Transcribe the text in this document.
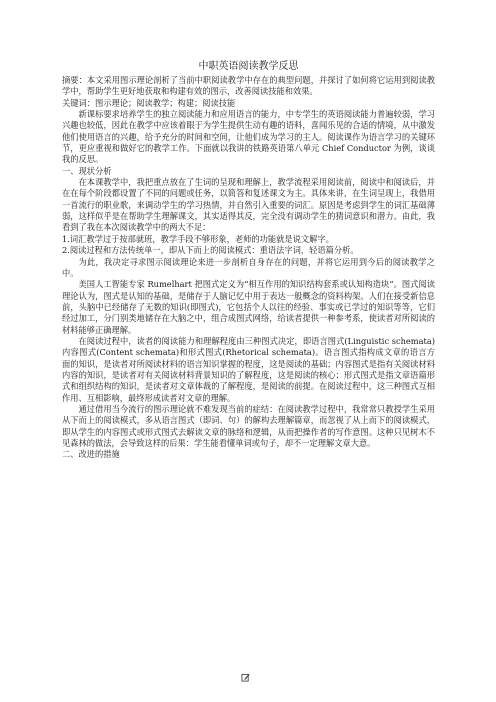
中职英语阅读教学反思

摘要：本文采用图示理论剖析了当前中职阅读教学中存在的典型问题，并探讨了如何将它运用到阅读教学中，帮助学生更好地获取和构建有效的图示，改善阅读技能和效果。

关键词：图示理论；阅读教学；构建；阅读技能

新课标要求培养学生的独立阅读能力和应用语言的能力，中专学生的英语阅读能力普遍较弱，学习兴趣也较低，因此在教学中应该着眼于为学生提供生动有趣的语料，喜闻乐见的合适的情境，从中激发他们使用语言的兴趣，给予充分的时间和空间，让他们成为学习的主人。阅读课作为语言学习的关键环节，更应重视和做好它的教学工作。下面就以我讲的铁路英语第八单元 Chief Conductor 为例，谈谈我的反思。

一、现状分析

在本课教学中，我把重点放在了生词的呈现和理解上，教学流程采用阅读前，阅读中和阅读后，并在在每个阶段都设置了不同的问题或任务，以简答和复述课文为主。具体来讲，在生词呈现上，我借用一首流行的职业歌，来调动学生的学习热情，并自然引入重要的词汇。原因是考虑到学生的词汇基础薄弱，这样似乎是在帮助学生理解课文，其实适得其反，完全没有调动学生的猜词意识和潜力。由此，我看到了我在本次阅读教学中的两大不足：

1.词汇教学过于按部就班，教学手段不够形象，老师的功能就是说文解字。

2.阅读过程和方法传统单一，即从下而上的阅读模式：重语法字词，轻语篇分析。

为此，我决定寻求图示阅读理论来进一步剖析自身存在的问题，并将它运用到今后的阅读教学之中。

美国人工智能专家 Rumelhart 把图式定义为“相互作用的知识结构套系或认知构造块”。图式阅读理论认为，图式是认知的基础，是储存于人脑记忆中用于表达一般概念的资料构架。人们在接受新信息前，头脑中已经储存了无数的知识(即图式)，它包括个人以往的经验、事实或已学过的知识等等，它们经过加工，分门别类地储存在大脑之中，组合成图式网络，给读者提供一种参考系，使读者对所阅读的材料能够正确理解。

在阅读过程中，读者的阅读能力和理解程度由三种图式决定，即语言图式(Linguistic schemata)内容图式(Content schemata)和形式图式(Rhetorical schemata)。语言图式指构成文章的语言方面的知识，是读者对所阅读材料的语言知识掌握的程度，这是阅读的基础；内容图式是指有关阅读材料内容的知识，是读者对有关阅读材料背景知识的了解程度，这是阅读的核心；形式图式是指文章语篇形式和组织结构的知识，是读者对文章体裁的了解程度，是阅读的前提。在阅读过程中，这三种图式互相作用、互相影响，最终形成读者对文章的理解。

通过借用当今流行的图示理论就不难发现当前的症结：在阅读教学过程中，我常常只教授学生采用从下而上的阅读模式，多从语言图式（即词、句）的解构去理解篇章，而忽视了从上而下的阅读模式，即从学生的内容图式或形式图式去解读文章的脉络和逻辑，从而把操作者的写作意图。这种只见树木不见森林的做法，会导致这样的后果：学生能看懂单词或句子，却不一定理解文章大意。

二、改进的措施
